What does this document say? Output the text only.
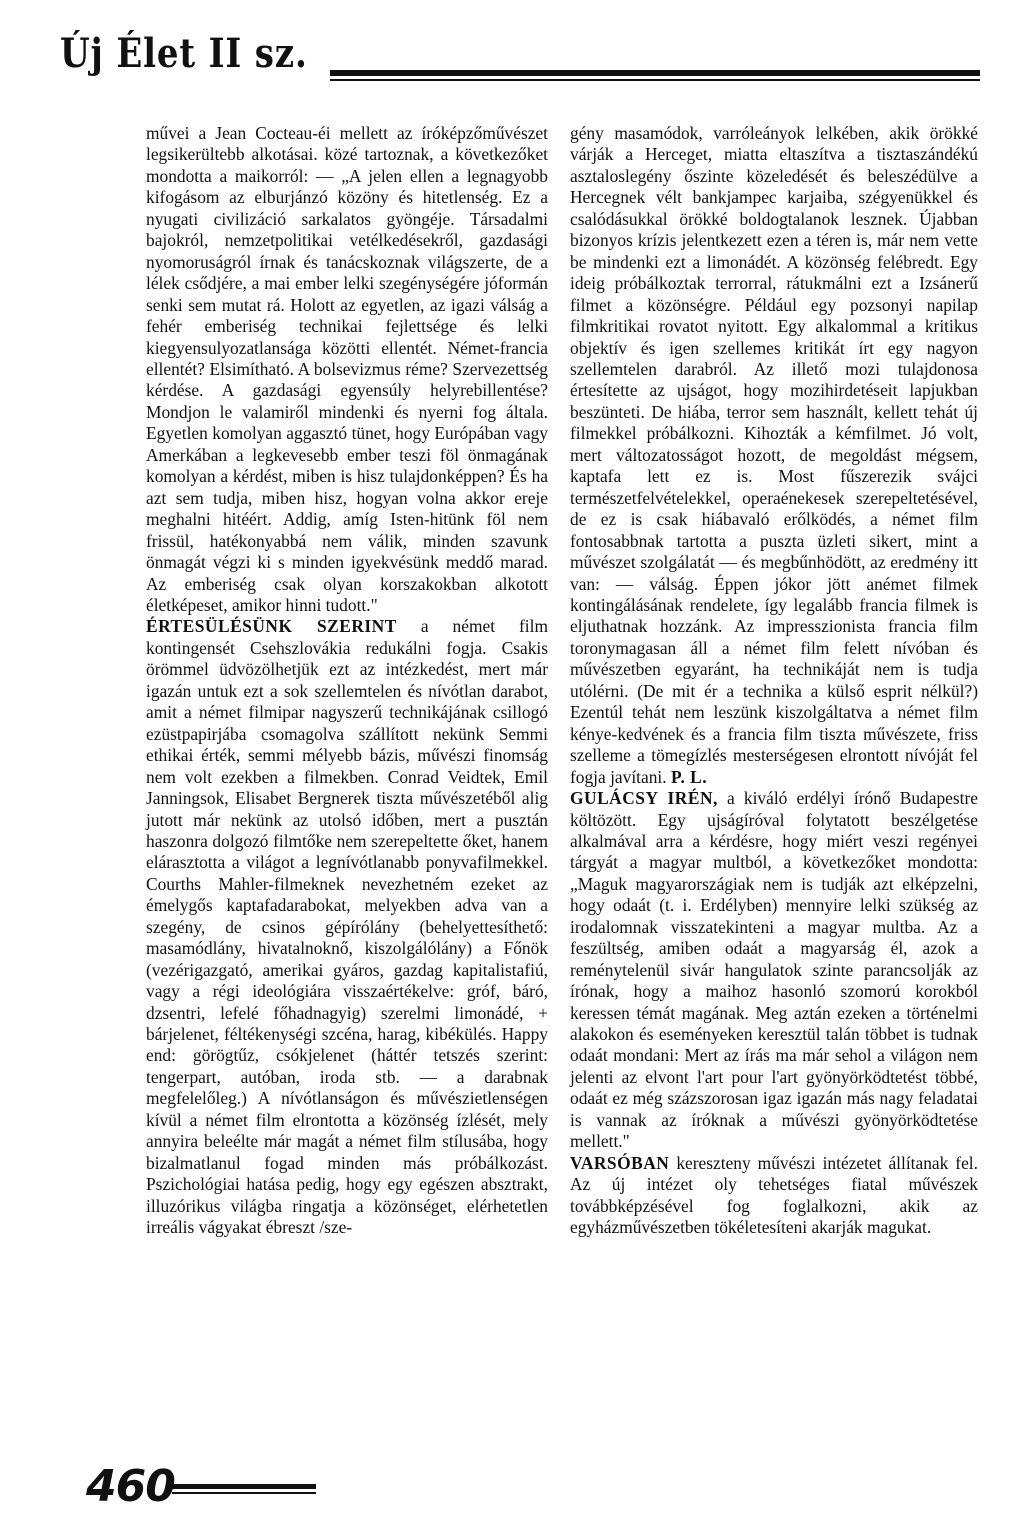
Új Élet II sz.

művei a Jean Cocteau-éi mellett az íróképzőművészet legsikerültebb alkotásai. közé tartoznak, a következőket mondotta a maikorról: — „A jelen ellen a legnagyobb kifogásom az elburjánzó közöny és hitetlenség. Ez a nyugati civilizáció sarkalatos gyöngéje. Társadalmi bajokról, nemzetpolitikai vetélkedésekről, gazdasági nyomoruságról írnak és tanácskoznak világszerte, de a lélek csődjére, a mai ember lelki szegénységére jóformán senki sem mutat rá. Holott az egyetlen, az igazi válság a fehér emberiség technikai fejlettsége és lelki kiegyensulyozatlansága közötti ellentét. Német-francia ellentét? Elsimítható. A bolsevizmus réme? Szervezettség kérdése. A gazdasági egyensúly helyrebillentése? Mondjon le valamiről mindenki és nyerni fog általa. Egyetlen komolyan aggasztó tünet, hogy Európában vagy Amerkában a legkevesebb ember teszi föl önmagának komolyan a kérdést, miben is hisz tulajdonképpen? És ha azt sem tudja, miben hisz, hogyan volna akkor ereje meghalni hitéért. Addig, amíg Isten-hitünk föl nem frissül, hatékonyabbá nem válik, minden szavunk önmagát végzi ki s minden igyekvésünk meddő marad. Az emberiség csak olyan korszakokban alkotott életképeset, amikor hinni tudott."

ÉRTESÜLÉSÜNK SZERINT a német film kontingensét Csehszlovákia redukálni fogja. Csakis örömmel üdvözölhetjük ezt az intézkedést, mert már igazán untuk ezt a sok szellemtelen és nívótlan darabot, amit a német filmipar nagyszerű technikájának csillogó ezüstpapirjába csomagolva szállított nekünk Semmi ethikai érték, semmi mélyebb bázis, művészi finomság nem volt ezekben a filmekben. Conrad Veidtek, Emil Janningsok, Elisabet Bergnerek tiszta művészetéből alig jutott már nekünk az utolsó időben, mert a pusztán haszonra dolgozó filmtőke nem szerepeltette őket, hanem elárasztotta a világot a legnívótlanabb ponyvafilmekkel. Courths Mahler-filmeknek nevezhetném ezeket az émelygős kaptafadarabokat, melyekben adva van a szegény, de csinos gépírólány (behelyettesíthető: masamódlány, hivatalnoknő, kiszolgálólány) a Főnök (vezérigazgató, amerikai gyáros, gazdag kapitalistafiú, vagy a régi ideológiára visszaértékelve: gróf, báró, dzsentri, lefelé főhadnagyig) szerelmi limonádé, + bárjelenet, féltékenységi szcéna, harag, kibékülés. Happy end: görögtűz, csókjelenet (háttér tetszés szerint: tengerpart, autóban, iroda stb. — a darabnak megfelelőleg.) A nívótlanságon és művészietlenségen kívül a német film elrontotta a közönség ízlését, mely annyira beleélte már magát a német film stílusába, hogy bizalmatlanul fogad minden más próbálkozást. Pszichológiai hatása pedig, hogy egy egészen absztrakt, illuzórikus világba ringatja a közönséget, elérhetetlen irreális vágyakat ébreszt /sze-

gény masamódok, varróleányok lelkében, akik örökké várják a Herceget, miatta eltaszítva a tisztaszándékú asztaloslegény őszinte közeledését és beleszédülve a Hercegnek vélt bankjampec karjaiba, szégyenükkel és csalódásukkal örökké boldogtalanok lesznek. Újabban bizonyos krízis jelentkezett ezen a téren is, már nem vette be mindenki ezt a limonádét. A közönség felébredt. Egy ideig próbálkoztak terrorral, rátukmálni ezt a Izsánerű filmet a közönségre. Például egy pozsonyi napilap filmkritikai rovatot nyitott. Egy alkalommal a kritikus objektív és igen szellemes kritikát írt egy nagyon szellemtelen darabról. Az illető mozi tulajdonosa értesítette az ujságot, hogy mozihirdetéseit lapjukban beszünteti. De hiába, terror sem használt, kellett tehát új filmekkel próbálkozni. Kihozták a kémfilmet. Jó volt, mert változatosságot hozott, de megoldást mégsem, kaptafa lett ez is. Most fűszerezik svájci természetfelvételekkel, operaénekesek szerepeltetésével, de ez is csak hiábavaló erőlködés, a német film fontosabbnak tartotta a puszta üzleti sikert, mint a művészet szolgálatát — és megbűnhödött, az eredmény itt van: — válság. Éppen jókor jött anémet filmek kontingálásának rendelete, így legalább francia filmek is eljuthatnak hozzánk. Az impresszionista francia film toronymagasan áll a német film felett nívóban és művészetben egyaránt, ha technikáját nem is tudja utólérni. (De mit ér a technika a külső esprit nélkül?) Ezentúl tehát nem leszünk kiszolgáltatva a német film kénye-kedvének és a francia film tiszta művészete, friss szelleme a tömegízlés mesterségesen elrontott nívóját fel fogja javítani. P. L.

GULÁCSY IRÉN, a kiváló erdélyi írónő Budapestre költözött. Egy ujságíróval folytatott beszélgetése alkalmával arra a kérdésre, hogy miért veszi regényei tárgyát a magyar multból, a következőket mondotta: „Maguk magyarországiak nem is tudják azt elképzelni, hogy odaát (t. i. Erdélyben) mennyire lelki szükség az irodalomnak visszatekinteni a magyar multba. Az a feszültség, amiben odaát a magyarság él, azok a reménytelenül sivár hangulatok szinte parancsolják az írónak, hogy a maihoz hasonló szomorú korokból keressen témát magának. Meg aztán ezeken a történelmi alakokon és eseményeken keresztül talán többet is tudnak odaát mondani: Mert az írás ma már sehol a világon nem jelenti az elvont l'art pour l'art gyönyörködtetést többé, odaát ez még százszorosan igaz igazán más nagy feladatai is vannak az íróknak a művészi gyönyörködtetése mellett."

VARSÓBAN kereszteny művészi intézetet állítanak fel. Az új intézet oly tehetséges fiatal művészek továbbképzésével fog foglalkozni, akik az egyházművészetben tökéletesíteni akarják magukat.

460
